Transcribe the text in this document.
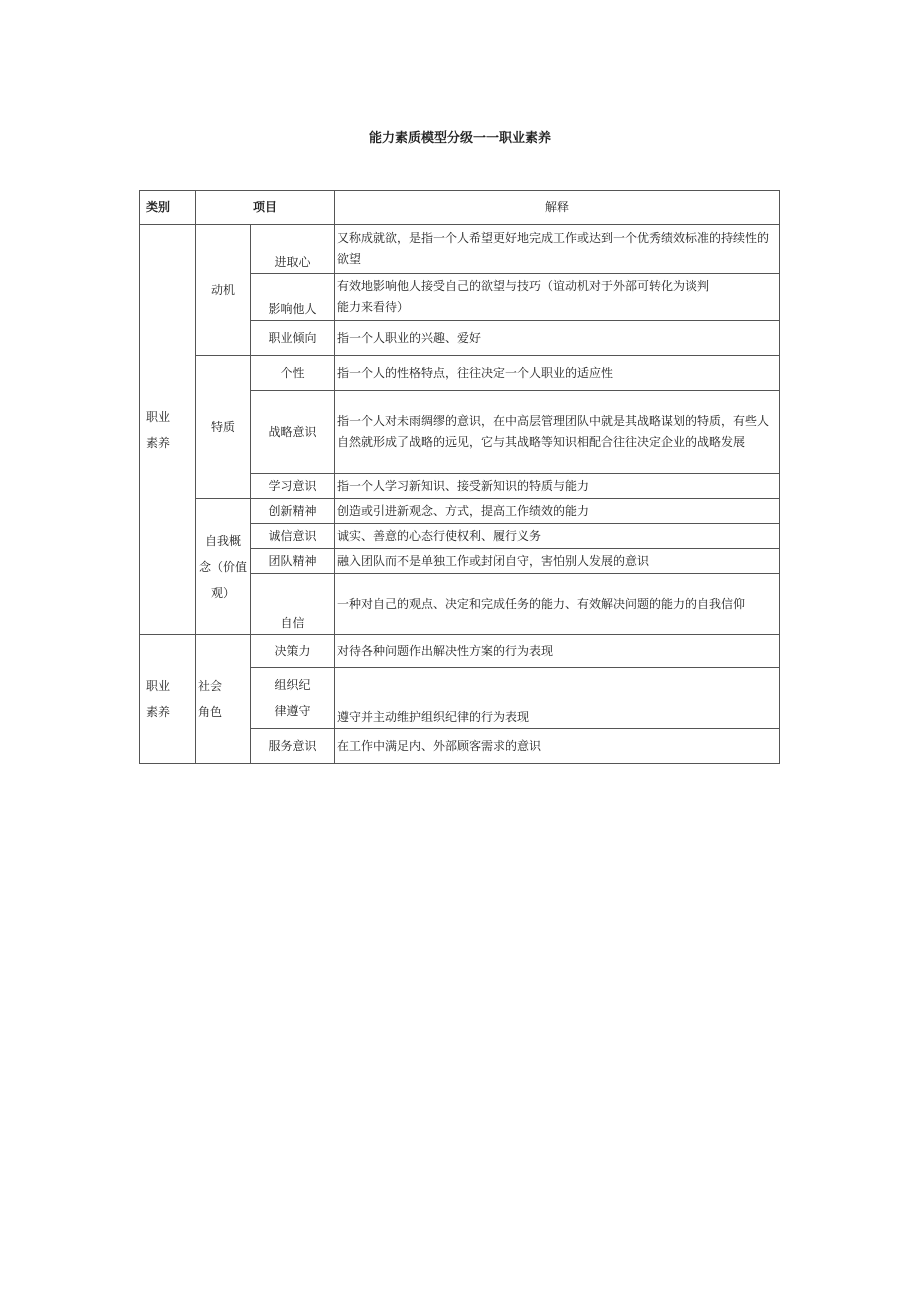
能力素质模型分级一一职业素养
类别	项目		解释
职业
素养	动机	进取心	又称成就欲，是指一个人希望更好地完成工作或达到一个优秀绩效标准的持续性的欲望
		影响他人	有效地影响他人接受自己的欲望与技巧（谊动机对于外部可转化为谈判
能力来看待）
		职业倾向	指一个人职业的兴趣、爱好
	特质	个性	指一个人的性格特点，往往决定一个人职业的适应性
		战略意识	指一个人对未雨绸缪的意识，在中高层管理团队中就是其战略谋划的特质，有些人自然就形成了战略的远见，它与其战略等知识相配合往往决定企业的战略发展
		学习意识	指一个人学习新知识、接受新知识的特质与能力
	自我概
念（价值
观）	创新精神	创造或引进新观念、方式，提高工作绩效的能力
		诚信意识	诚实、善意的心态行使权利、履行义务
		团队精神	融入团队而不是单独工作或封闭自守，害怕别人发展的意识
		自信	一种对自己的观点、决定和完成任务的能力、有效解决问题的能力的自我信仰
职业
素养	社会
角色	决策力	对待各种问题作出解决性方案的行为表现
		组织纪
律遵守	遵守并主动维护组织纪律的行为表现
		服务意识	在工作中满足内、外部顾客需求的意识
